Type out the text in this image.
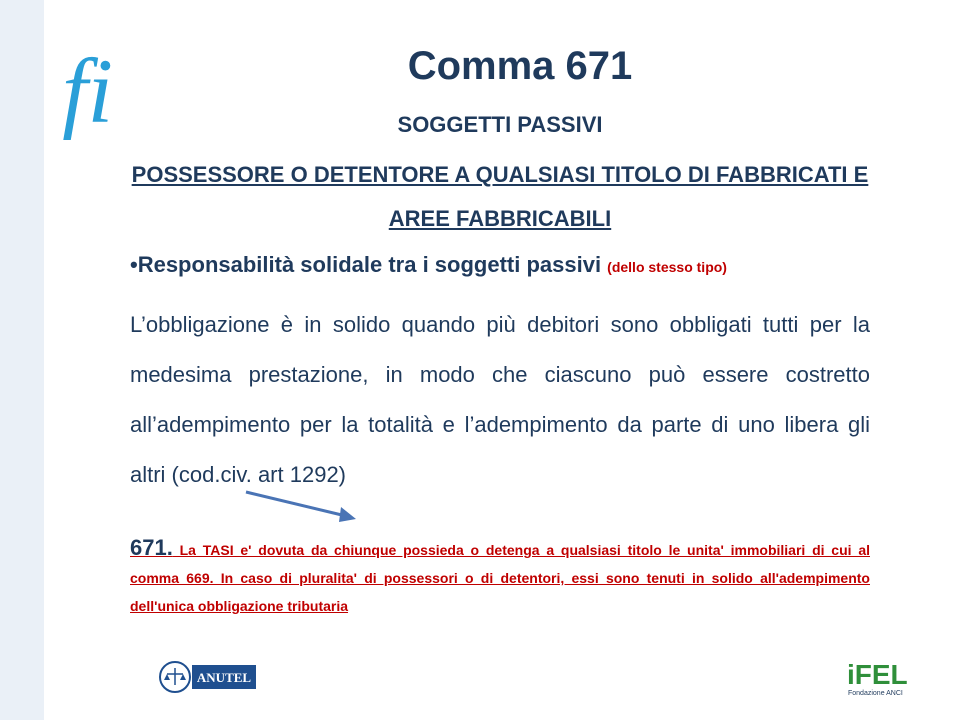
fi	Comma 671
SOGGETTI PASSIVI
POSSESSORE O DETENTORE A QUALSIASI TITOLO DI FABBRICATI E AREE FABBRICABILI
•Responsabilità solidale tra i soggetti passivi (dello stesso tipo)
L’obbligazione è in solido quando più debitori sono obbligati tutti per la medesima prestazione, in modo che ciascuno può essere costretto all’adempimento per la totalità e l’adempimento da parte di uno libera gli altri (cod.civ. art 1292)
671. La TASI e' dovuta da chiunque possieda o detenga a qualsiasi titolo le unita' immobiliari di cui al comma 669. In caso di pluralita' di possessori o di detentori, essi sono tenuti in solido all'adempimento dell'unica obbligazione tributaria
ANUTEL	iFEL
Fondazione ANCI
